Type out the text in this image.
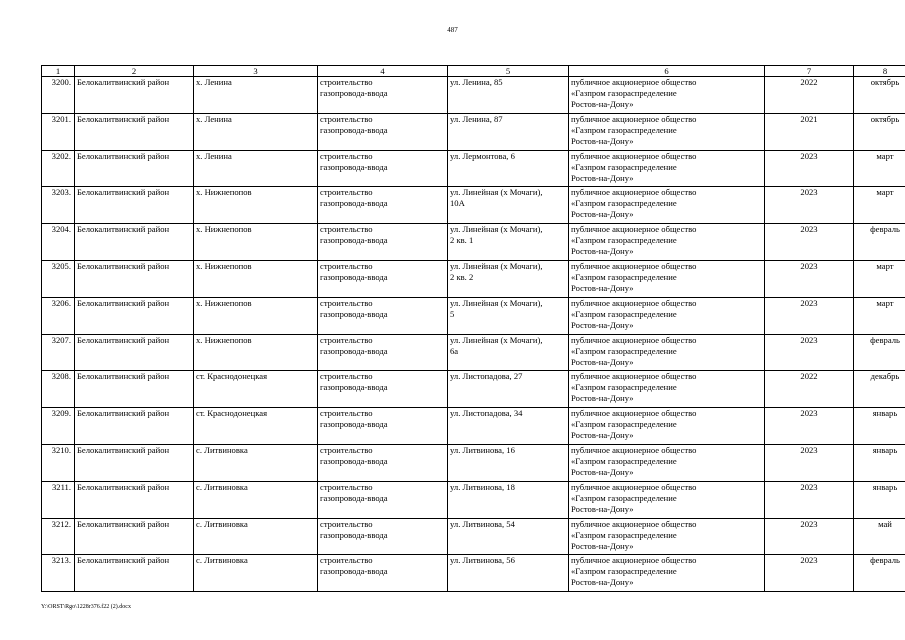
487
1	2	3	4	5	6	7	8
3200.	Белокалитвинский район	х. Ленина	строительство
газопровода-ввода	ул. Ленина, 85	публичное акционерное общество
«Газпром газораспределение
Ростов-на-Дону»	2022	октябрь
3201.	Белокалитвинский район	х. Ленина	строительство
газопровода-ввода	ул. Ленина, 87	публичное акционерное общество
«Газпром газораспределение
Ростов-на-Дону»	2021	октябрь
3202.	Белокалитвинский район	х. Ленина	строительство
газопровода-ввода	ул. Лермонтова, 6	публичное акционерное общество
«Газпром газораспределение
Ростов-на-Дону»	2023	март
3203.	Белокалитвинский район	х. Нижнепопов	строительство
газопровода-ввода	ул. Линейная (х Мочаги),
10А	публичное акционерное общество
«Газпром газораспределение
Ростов-на-Дону»	2023	март
3204.	Белокалитвинский район	х. Нижнепопов	строительство
газопровода-ввода	ул. Линейная (х Мочаги),
2 кв. 1	публичное акционерное общество
«Газпром газораспределение
Ростов-на-Дону»	2023	февраль
3205.	Белокалитвинский район	х. Нижнепопов	строительство
газопровода-ввода	ул. Линейная (х Мочаги),
2 кв. 2	публичное акционерное общество
«Газпром газораспределение
Ростов-на-Дону»	2023	март
3206.	Белокалитвинский район	х. Нижнепопов	строительство
газопровода-ввода	ул. Линейная (х Мочаги),
5	публичное акционерное общество
«Газпром газораспределение
Ростов-на-Дону»	2023	март
3207.	Белокалитвинский район	х. Нижнепопов	строительство
газопровода-ввода	ул. Линейная (х Мочаги),
6а	публичное акционерное общество
«Газпром газораспределение
Ростов-на-Дону»	2023	февраль
3208.	Белокалитвинский район	ст. Краснодонецкая	строительство
газопровода-ввода	ул. Листопадова, 27	публичное акционерное общество
«Газпром газораспределение
Ростов-на-Дону»	2022	декабрь
3209.	Белокалитвинский район	ст. Краснодонецкая	строительство
газопровода-ввода	ул. Листопадова, 34	публичное акционерное общество
«Газпром газораспределение
Ростов-на-Дону»	2023	январь
3210.	Белокалитвинский район	с. Литвиновка	строительство
газопровода-ввода	ул. Литвинова, 16	публичное акционерное общество
«Газпром газораспределение
Ростов-на-Дону»	2023	январь
3211.	Белокалитвинский район	с. Литвиновка	строительство
газопровода-ввода	ул. Литвинова, 18	публичное акционерное общество
«Газпром газораспределение
Ростов-на-Дону»	2023	январь
3212.	Белокалитвинский район	с. Литвиновка	строительство
газопровода-ввода	ул. Литвинова, 54	публичное акционерное общество
«Газпром газораспределение
Ростов-на-Дону»	2023	май
3213.	Белокалитвинский район	с. Литвиновка	строительство
газопровода-ввода	ул. Литвинова, 56	публичное акционерное общество
«Газпром газораспределение
Ростов-на-Дону»	2023	февраль
Y:\ORST\Rgo\1228r376.f22 (2).docx
